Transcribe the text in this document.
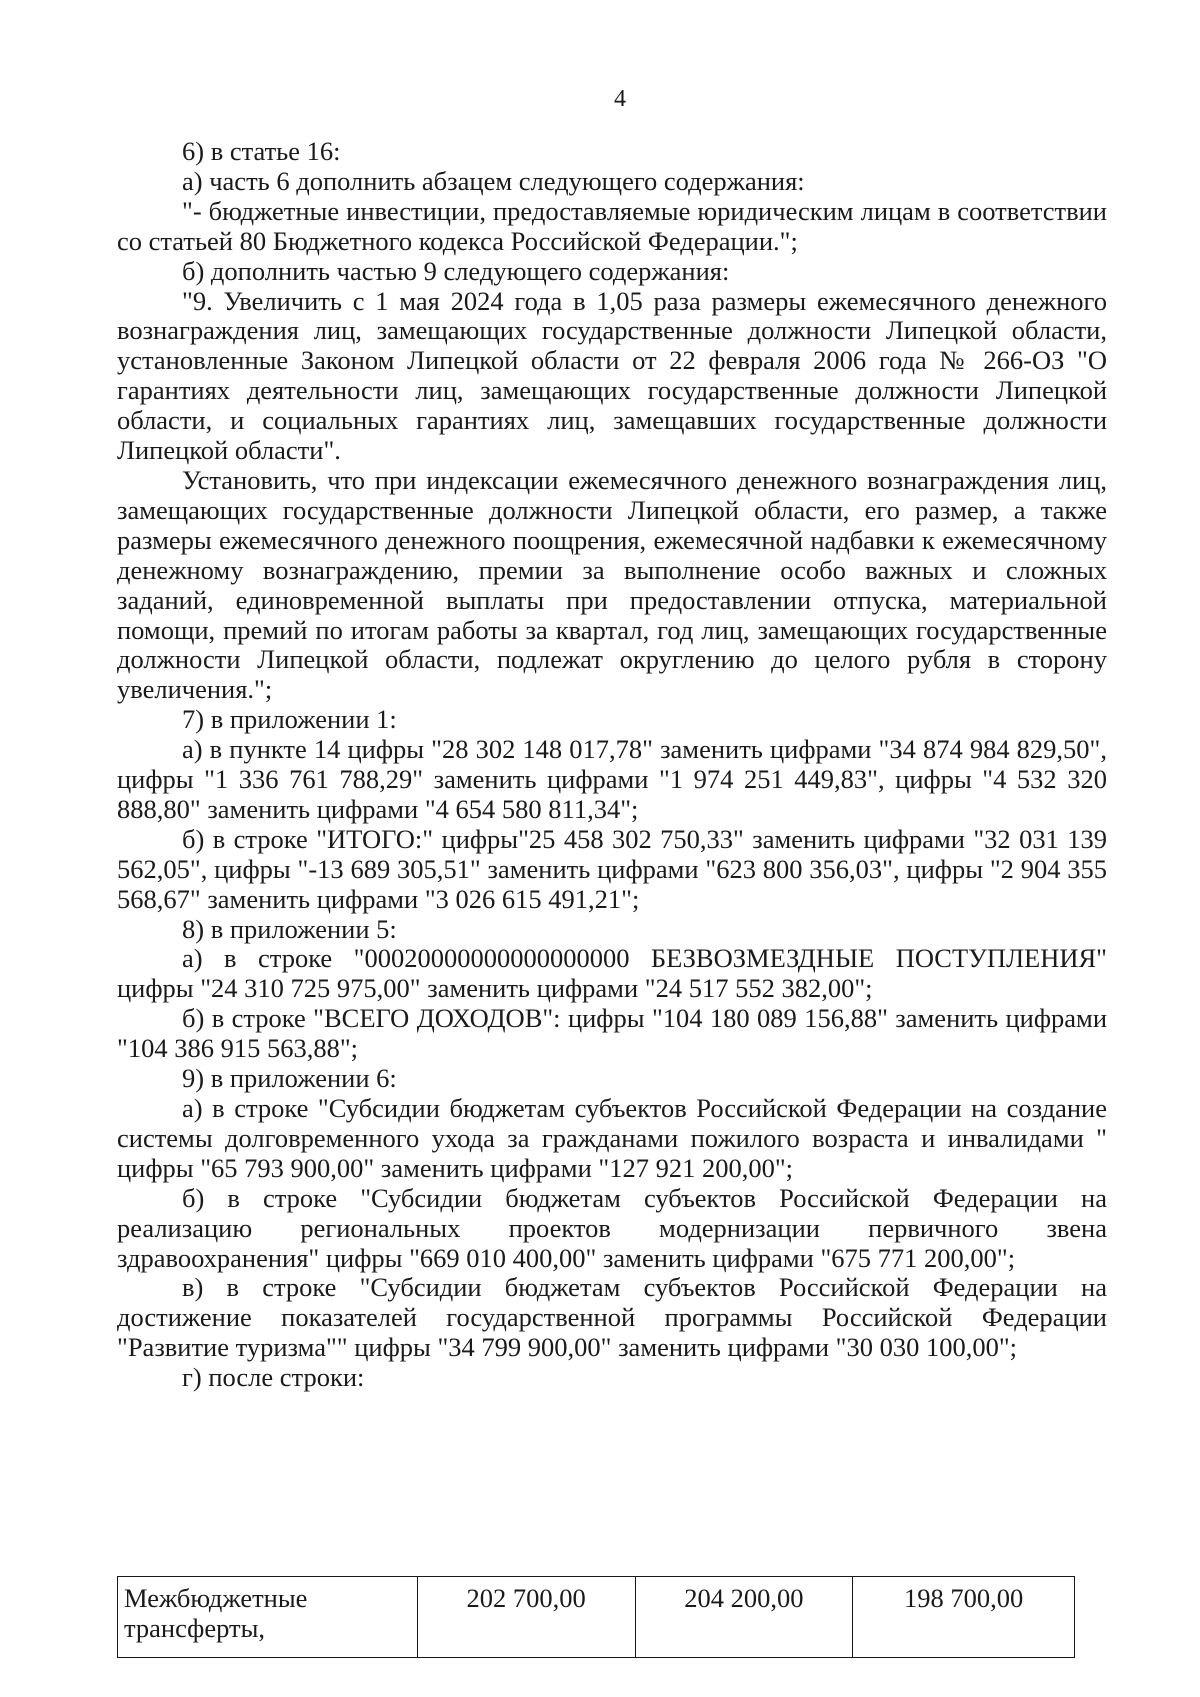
4

6) в статье 16:

а) часть 6 дополнить абзацем следующего содержания:

"- бюджетные инвестиции, предоставляемые юридическим лицам в соответствии со статьей 80 Бюджетного кодекса Российской Федерации.";

б) дополнить частью 9 следующего содержания:

"9. Увеличить с 1 мая 2024 года в 1,05 раза размеры ежемесячного денежного вознаграждения лиц, замещающих государственные должности Липецкой области, установленные Законом Липецкой области от 22 февраля 2006 года № 266-ОЗ "О гарантиях деятельности лиц, замещающих государственные должности Липецкой области, и социальных гарантиях лиц, замещавших государственные должности Липецкой области".

Установить, что при индексации ежемесячного денежного вознаграждения лиц, замещающих государственные должности Липецкой области, его размер, а также размеры ежемесячного денежного поощрения, ежемесячной надбавки к ежемесячному денежному вознаграждению, премии за выполнение особо важных и сложных заданий, единовременной выплаты при предоставлении отпуска, материальной помощи, премий по итогам работы за квартал, год лиц, замещающих государственные должности Липецкой области, подлежат округлению до целого рубля в сторону увеличения.";

7) в приложении 1:

а) в пункте 14 цифры "28 302 148 017,78" заменить цифрами "34 874 984 829,50", цифры "1 336 761 788,29" заменить цифрами "1 974 251 449,83", цифры "4 532 320 888,80" заменить цифрами "4 654 580 811,34";

б) в строке "ИТОГО:" цифры"25 458 302 750,33" заменить цифрами "32 031 139 562,05", цифры "-13 689 305,51" заменить цифрами "623 800 356,03", цифры "2 904 355 568,67" заменить цифрами "3 026 615 491,21";

8) в приложении 5:

а) в строке "00020000000000000000 БЕЗВОЗМЕЗДНЫЕ ПОСТУПЛЕНИЯ" цифры "24 310 725 975,00" заменить цифрами "24 517 552 382,00";

б) в строке "ВСЕГО ДОХОДОВ": цифры "104 180 089 156,88" заменить цифрами "104 386 915 563,88";

9) в приложении 6:

а) в строке "Субсидии бюджетам субъектов Российской Федерации на создание системы долговременного ухода за гражданами пожилого возраста и инвалидами " цифры "65 793 900,00" заменить цифрами "127 921 200,00";

б) в строке "Субсидии бюджетам субъектов Российской Федерации на реализацию региональных проектов модернизации первичного звена здравоохранения" цифры "669 010 400,00" заменить цифрами "675 771 200,00";

в) в строке "Субсидии бюджетам субъектов Российской Федерации на достижение показателей государственной программы Российской Федерации "Развитие туризма"" цифры "34 799 900,00" заменить цифрами "30 030 100,00";

г) после строки:

Межбюджетные трансферты,	202 700,00	204 200,00	198 700,00
